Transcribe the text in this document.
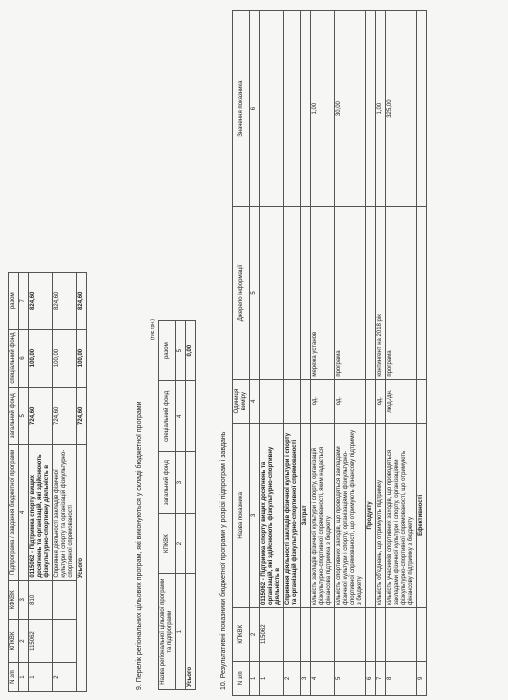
N з/п	КПКВК	КФКВК	Підпрограма / завдання бюджетної програми	загальний фонд	спеціальний фонд	разом
1	2	3	4	5	6	7
1	115062	810	0115062 - Підтримка спорту вищих досягнень та організацій, які здійснюють фізкультурно-спортивну діяльність в	724,60	100,00	824,60
2			Сприяння діяльності закладів фізичної культури і спорту та організацій фізкультурно-спортивної спрямованості	724,60	100,00	824,60
Усього				724,60	100,00	824,60
9. Перелік регіональних цільових програм, які виконуються у складі бюджетної програми
(тис.грн.)
Назва регіональної цільової програми та підпрограми	КПКВК	загальний фонд	спеціальний фонд	разом
1	2	3	4	5
Усього				0,00
10. Результативні показники бюджетної програми у розрізі підпрограм і завдань N з/п	КПКВК	Назва показника	Одиниця виміру	Джерело інформації	Значення показника
1	2	3	4	5	6
1	115062	0115062 - Підтримка спорту вищих досягнень та організацій, які здійснюють фізкультурно-спортивну діяльність в			
2		Сприяння діяльності закладів фізичної культури і спорту та організацій фізкультурно-спортивної спрямованості			
3		Затрат			
4		кількість закладів фізичної культури і спорту, організацій фізкультурно-спортивної спрямованості, яким надається фінансова підтримка з бюджету	од.	мережа установ	1,00
5		кількість спортивних заходів, що проводяться закладами фізичної культури і спорту, організаціями фізкультурно-спортивної спрямованості, що отримують фінансову підтримку з бюджету	од.	програма	30,00
6		Продукту			
7		кількість об'єднань, що отримують підтримку	од.	контингент на 2018 рік	1,00
8		кількість учасників спортивних заходів, що проводяться закладами фізичної культури і спорту, організаціями фізкультурно-спортивної спрямованості, що отримують фінансову підтримку з бюджету	люд./дн.	програма	325,00
9		Ефективності			
